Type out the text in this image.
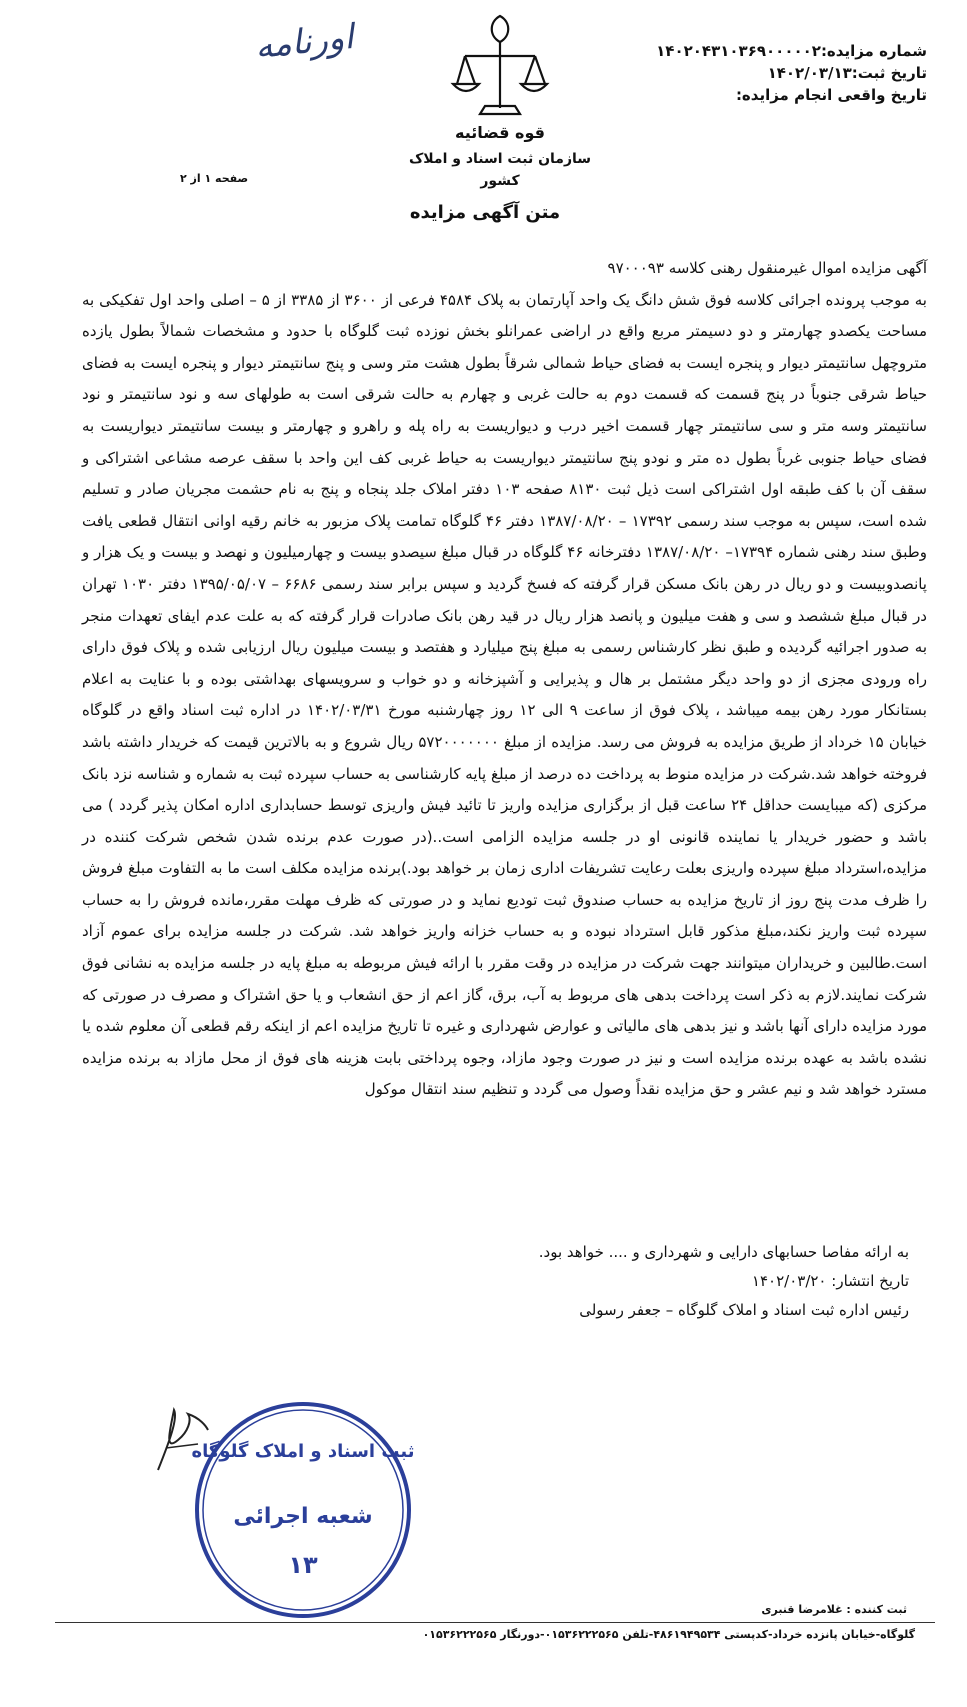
اورنامه
قوه قضائیه
سازمان ثبت اسناد و املاک کشور
صفحه ۱ از ۲
شماره مزایده:۱۴۰۲۰۴۳۱۰۳۶۹۰۰۰۰۰۲
تاریخ ثبت:۱۴۰۲/۰۳/۱۳
تاریخ واقعی انجام مزایده:
متن آگهی مزایده
آگهی مزایده اموال غیرمنقول رهنی کلاسه ۹۷۰۰۰۹۳
به موجب پرونده اجرائی کلاسه فوق شش دانگ یک واحد آپارتمان به پلاک ۴۵۸۴ فرعی از ۳۶۰۰ از ۳۳۸۵ از ۵ – اصلی واحد اول تفکیکی به مساحت یکصدو چهارمتر و دو دسیمتر مربع واقع در اراضی عمرانلو بخش نوزده ثبت گلوگاه با حدود و مشخصات شمالاً بطول یازده متروچهل سانتیمتر دیوار و پنجره ایست به فضای حیاط شمالی شرقاً بطول هشت متر وسی و پنج سانتیمتر دیوار و پنجره ایست به فضای حیاط شرقی جنوباً در پنج قسمت که قسمت دوم به حالت غربی و چهارم به حالت شرقی است به طولهای سه و نود سانتیمتر و نود سانتیمتر وسه متر و سی سانتیمتر چهار قسمت اخیر درب و دیواریست به راه پله و راهرو و چهارمتر و بیست سانتیمتر دیواریست به فضای حیاط جنوبی غرباً بطول ده متر و نودو پنج سانتیمتر دیواریست به حیاط غربی کف این واحد با سقف عرصه مشاعی اشتراکی و سقف آن با کف طبقه اول اشتراکی است ذیل ثبت ۸۱۳۰ صفحه ۱۰۳ دفتر املاک جلد پنجاه و پنج به نام حشمت مجریان صادر و تسلیم شده است، سپس به موجب سند رسمی ۱۷۳۹۲ – ۱۳۸۷/۰۸/۲۰ دفتر ۴۶ گلوگاه تمامت پلاک مزبور به خانم رقیه اوانی انتقال قطعی یافت وطبق سند رهنی شماره ۱۷۳۹۴– ۱۳۸۷/۰۸/۲۰ دفترخانه ۴۶ گلوگاه در قبال مبلغ سیصدو بیست و چهارمیلیون و نهصد و بیست و یک هزار و پانصدوبیست و دو ریال در رهن بانک مسکن قرار گرفته که فسخ گردید و سپس برابر سند رسمی ۶۶۸۶ – ۱۳۹۵/۰۵/۰۷ دفتر ۱۰۳۰ تهران در قبال مبلغ ششصد و سی و هفت میلیون و پانصد هزار ریال در قید رهن بانک صادرات قرار گرفته که به علت عدم ایفای تعهدات منجر به صدور اجرائیه گردیده و طبق نظر کارشناس رسمی به مبلغ پنج میلیارد و هفتصد و بیست میلیون ریال ارزیابی شده و پلاک فوق دارای راه ورودی مجزی از دو واحد دیگر مشتمل بر هال و پذیرایی و آشپزخانه و دو خواب و سرویسهای بهداشتی بوده و با عنایت به اعلام بستانکار مورد رهن بیمه میباشد ، پلاک فوق از ساعت ۹ الی ۱۲ روز چهارشنبه مورخ ۱۴۰۲/۰۳/۳۱ در اداره ثبت اسناد واقع در گلوگاه خیابان ۱۵ خرداد از طریق مزایده به فروش می رسد. مزایده از مبلغ ۵۷۲۰۰۰۰۰۰۰ ریال شروع و به بالاترین قیمت که خریدار داشته باشد فروخته خواهد شد.شرکت در مزایده منوط به پرداخت ده درصد از مبلغ پایه کارشناسی به حساب سپرده ثبت به شماره و شناسه نزد بانک مرکزی (که میبایست حداقل ۲۴ ساعت قبل از برگزاری مزایده واریز تا تائید فیش واریزی توسط حسابداری اداره امکان پذیر گردد ) می باشد و حضور خریدار یا نماینده قانونی او در جلسه مزایده الزامی است..(در صورت عدم برنده شدن شخص شرکت کننده در مزایده،استرداد مبلغ سپرده واریزی بعلت رعایت تشریفات اداری زمان بر خواهد بود.)برنده مزایده مکلف است ما به التفاوت مبلغ فروش را ظرف مدت پنج روز از تاریخ مزایده به حساب صندوق ثبت تودیع نماید و در صورتی که ظرف مهلت مقرر،مانده فروش را به حساب سپرده ثبت واریز نکند،مبلغ مذکور قابل استرداد نبوده و به حساب خزانه واریز خواهد شد. شرکت در جلسه مزایده برای عموم آزاد است.طالبین و خریداران میتوانند جهت شرکت در مزایده در وقت مقرر با ارائه فیش مربوطه به مبلغ پایه در جلسه مزایده به نشانی فوق شرکت نمایند.لازم به ذکر است پرداخت بدهی های مربوط به آب، برق، گاز اعم از حق انشعاب و یا حق اشتراک و مصرف در صورتی که مورد مزایده دارای آنها باشد و نیز بدهی های مالیاتی و عوارض شهرداری و غیره تا تاریخ مزایده اعم از اینکه رقم قطعی آن معلوم شده یا نشده باشد به عهده برنده مزایده است و نیز در صورت وجود مازاد، وجوه پرداختی بابت هزینه های فوق از محل مازاد به برنده مزایده مسترد خواهد شد و نیم عشر و حق مزایده نقداً وصول می گردد و تنظیم سند انتقال موکول
به ارائه مفاصا حسابهای دارایی و شهرداری و .... خواهد بود.
تاریخ انتشار: ۱۴۰۲/۰۳/۲۰
رئیس اداره ثبت اسناد و املاک گلوگاه – جعفر رسولی
ثبت اسناد و املاک گلوگاه
شعبه اجرائی
۱۳
ثبت کننده : غلامرضا قنبری
گلوگاه-خیابان پانزده خرداد-کدپستی ۴۸۶۱۹۴۹۵۳۴-تلفن ۰۱۵۳۶۲۲۲۵۶۵-دورنگار ۰۱۵۳۶۲۲۲۵۶۵
